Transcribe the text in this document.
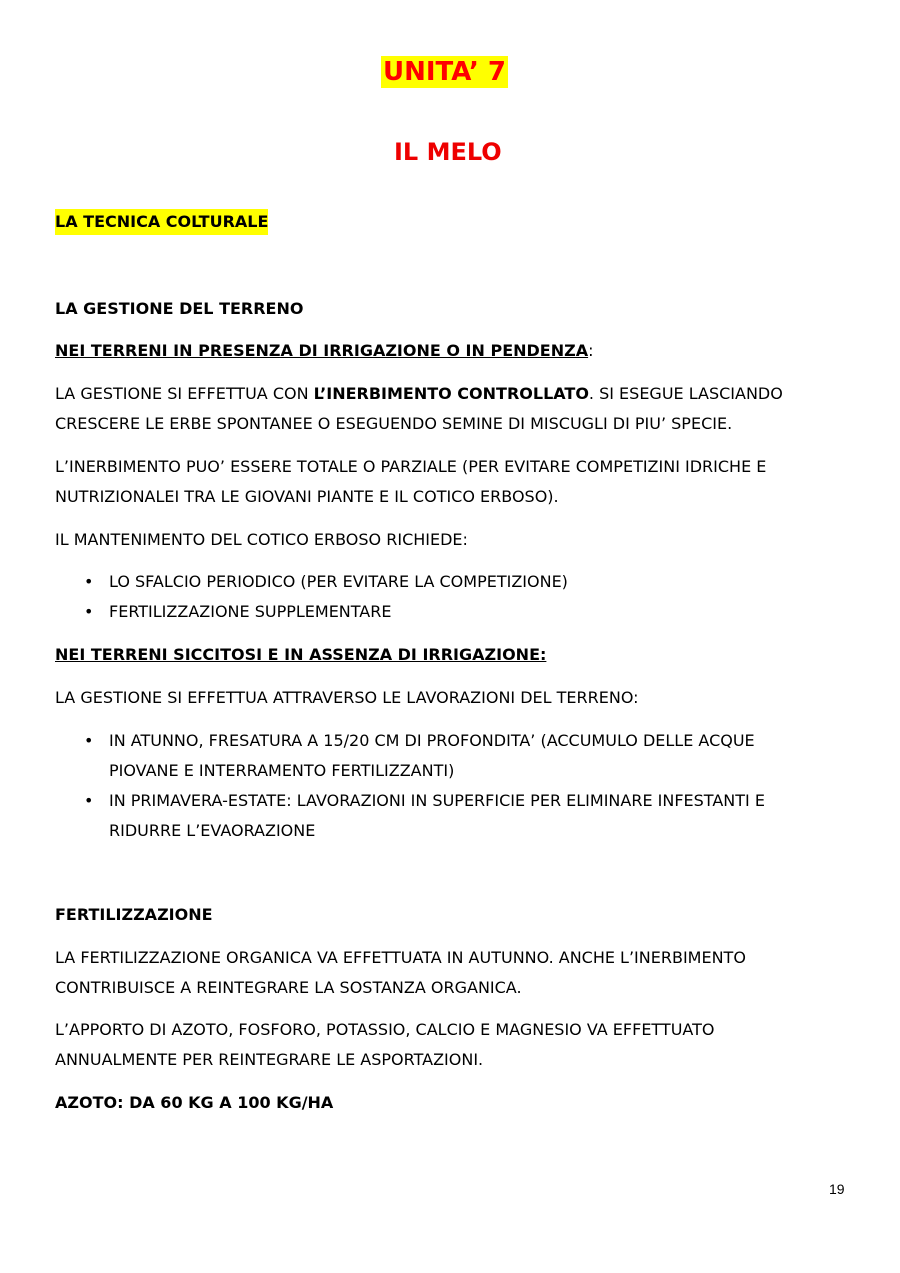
UNITA’ 7
IL MELO
LA TECNICA COLTURALE
LA GESTIONE DEL TERRENO
NEI TERRENI IN PRESENZA DI IRRIGAZIONE O IN PENDENZA:
LA GESTIONE SI EFFETTUA CON L’INERBIMENTO CONTROLLATO. SI ESEGUE LASCIANDO
CRESCERE LE ERBE SPONTANEE O ESEGUENDO SEMINE DI MISCUGLI DI PIU’ SPECIE.
L’INERBIMENTO PUO’ ESSERE TOTALE O PARZIALE (PER EVITARE COMPETIZINI IDRICHE E
NUTRIZIONALEI TRA LE GIOVANI PIANTE E IL COTICO ERBOSO).
IL MANTENIMENTO DEL COTICO ERBOSO RICHIEDE:
• LO SFALCIO PERIODICO (PER EVITARE LA COMPETIZIONE)
• FERTILIZZAZIONE SUPPLEMENTARE
NEI TERRENI SICCITOSI E IN ASSENZA DI IRRIGAZIONE:
LA GESTIONE SI EFFETTUA ATTRAVERSO LE LAVORAZIONI DEL TERRENO:
• IN ATUNNO, FRESATURA A 15/20 CM DI PROFONDITA’ (ACCUMULO DELLE ACQUE
PIOVANE E INTERRAMENTO FERTILIZZANTI)
• IN PRIMAVERA-ESTATE: LAVORAZIONI IN SUPERFICIE PER ELIMINARE INFESTANTI E
RIDURRE L’EVAORAZIONE
FERTILIZZAZIONE
LA FERTILIZZAZIONE ORGANICA VA EFFETTUATA IN AUTUNNO. ANCHE L’INERBIMENTO
CONTRIBUISCE A REINTEGRARE LA SOSTANZA ORGANICA.
L’APPORTO DI AZOTO, FOSFORO, POTASSIO, CALCIO E MAGNESIO VA EFFETTUATO
ANNUALMENTE PER REINTEGRARE LE ASPORTAZIONI.
AZOTO: DA 60 KG A 100 KG/HA
19
